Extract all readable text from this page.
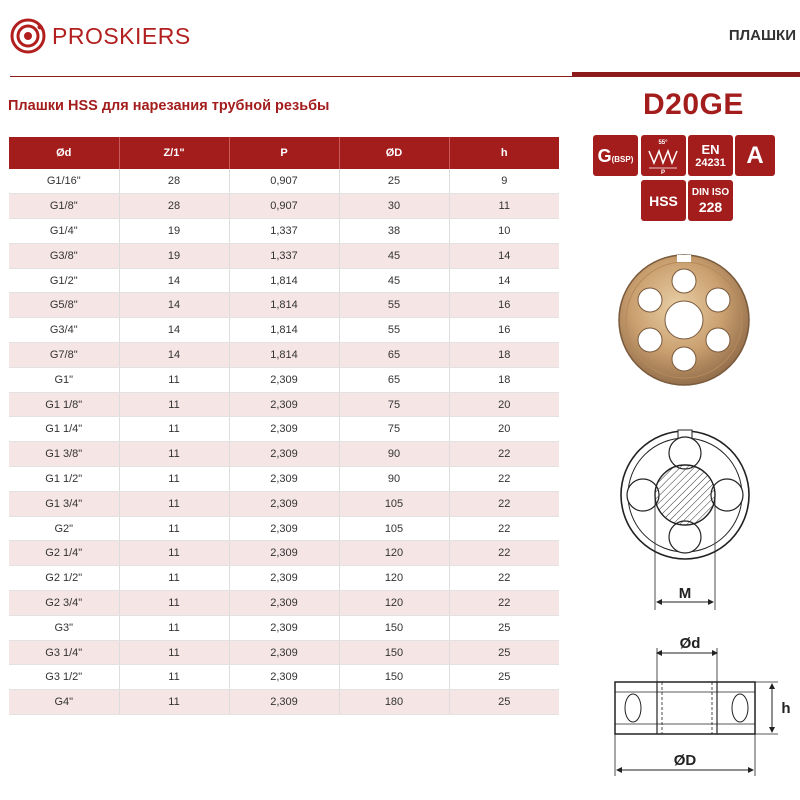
PROSKIERS	ПЛАШКИ
Плашки HSS для нарезания трубной резьбы	D20GE
Ød	Z/1"	P	ØD	h
G1/16"	28	0,907	25	9
G1/8"	28	0,907	30	11
G1/4"	19	1,337	38	10
G3/8"	19	1,337	45	14
G1/2"	14	1,814	45	14
G5/8"	14	1,814	55	16
G3/4"	14	1,814	55	16
G7/8"	14	1,814	65	18
G1"	11	2,309	65	18
G1 1/8"	11	2,309	75	20
G1 1/4"	11	2,309	75	20
G1 3/8"	11	2,309	90	22
G1 1/2"	11	2,309	90	22
G1 3/4"	11	2,309	105	22
G2"	11	2,309	105	22
G2 1/4"	11	2,309	120	22
G2 1/2"	11	2,309	120	22
G2 3/4"	11	2,309	120	22
G3"	11	2,309	150	25
G3 1/4"	11	2,309	150	25
G3 1/2"	11	2,309	150	25
G4"	11	2,309	180	25
G (BSP)
55°
P
EN
24231 A
HSS
DIN ISO
228
M
Ød
h
ØD
